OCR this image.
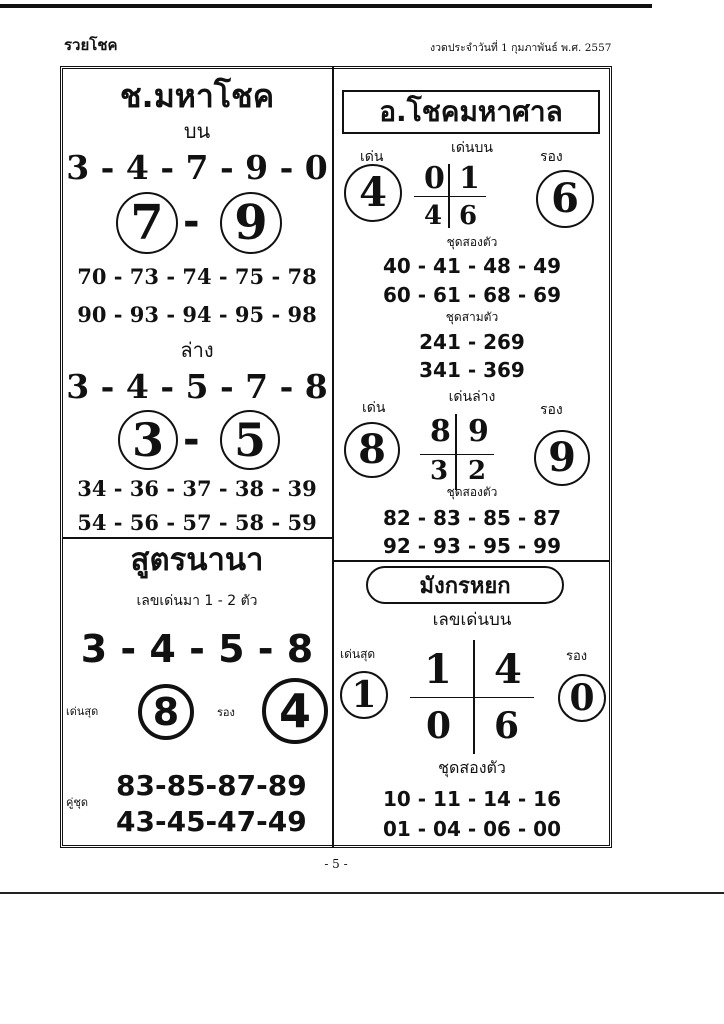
รวยโชค	งวดประจำวันที่ 1 กุมภาพันธ์ พ.ศ. 2557
ช.มหาโชค
บน
3 - 4 - 7 - 9 - 0
7 - 9
70 - 73 - 74 - 75 - 78
90 - 93 - 94 - 95 - 98
ล่าง
3 - 4 - 5 - 7 - 8
3 - 5
34 - 36 - 37 - 38 - 39
54 - 56 - 57 - 58 - 59
สูตรนานา
เลขเด่นมา 1 - 2 ตัว
3 - 4 - 5 - 8
เด่นสุด 8	รอง 4
คู่ชุด
83-85-87-89
43-45-47-49
อ.โชคมหาศาล
เด่นบน
เด่น	รอง
4	6
0 1
4 6
ชุดสองตัว
40 - 41 - 48 - 49
60 - 61 - 68 - 69
ชุดสามตัว
241 - 269
341 - 369
เด่นล่าง
เด่น	รอง
8	9
8 9
3 2
ชุดสองตัว
82 - 83 - 85 - 87
92 - 93 - 95 - 99
มังกรหยก
เลขเด่นบน
เด่นสุด	รอง
1	0
1 4
0 6
ชุดสองตัว
10 - 11 - 14 - 16
01 - 04 - 06 - 00
- 5 -
